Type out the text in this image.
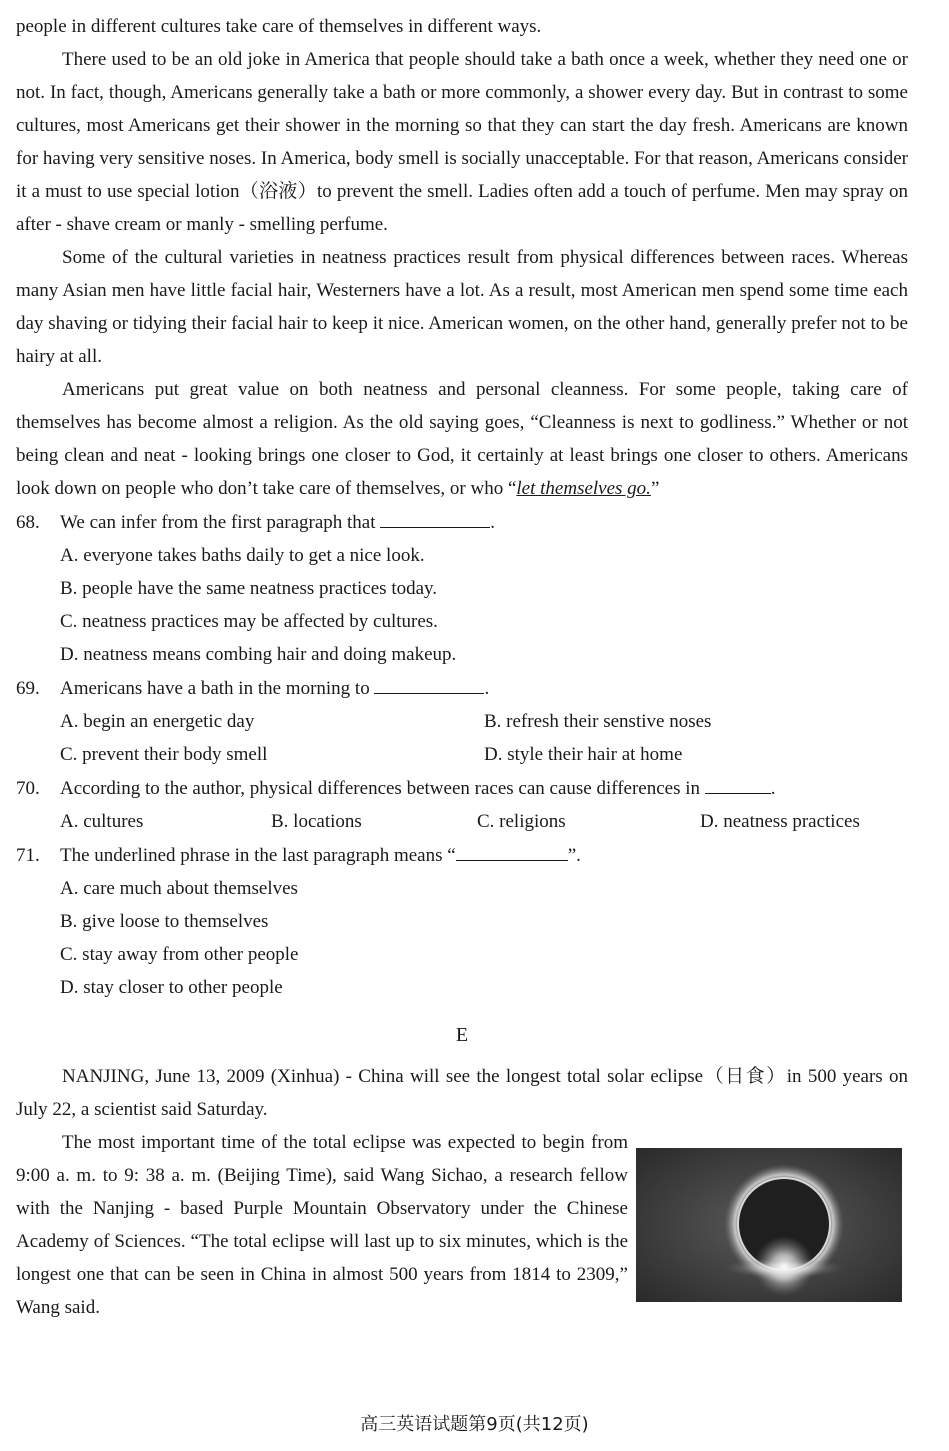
people in different cultures take care of themselves in different ways.

There used to be an old joke in America that people should take a bath once a week, whether they need one or not. In fact, though, Americans generally take a bath or more commonly, a shower every day. But in contrast to some cultures, most Americans get their shower in the morning so that they can start the day fresh. Americans are known for having very sensitive noses. In America, body smell is socially unacceptable. For that reason, Americans consider it a must to use special lotion（浴液）to prevent the smell. Ladies often add a touch of perfume. Men may spray on after - shave cream or manly - smelling perfume.

Some of the cultural varieties in neatness practices result from physical differences between races. Whereas many Asian men have little facial hair, Westerners have a lot. As a result, most American men spend some time each day shaving or tidying their facial hair to keep it nice. American women, on the other hand, generally prefer not to be hairy at all.

Americans put great value on both neatness and personal cleanness. For some people, taking care of themselves has become almost a religion. As the old saying goes, “Cleanness is next to godliness.” Whether or not being clean and neat - looking brings one closer to God, it certainly at least brings one closer to others. Americans look down on people who don’t take care of themselves, or who “let themselves go.”

68. We can infer from the first paragraph that	.
A. everyone takes baths daily to get a nice look.
B. people have the same neatness practices today.
C. neatness practices may be affected by cultures.
D. neatness means combing hair and doing makeup.
69. Americans have a bath in the morning to	.
A. begin an energetic day	B. refresh their senstive noses
C. prevent their body smell	D. style their hair at home
70. According to the author, physical differences between races can cause differences in	.
A. cultures	B. locations	C. religions	D. neatness practices
71. The underlined phrase in the last paragraph means “	”.
A. care much about themselves
B. give loose to themselves
C. stay away from other people
D. stay closer to other people
E

NANJING, June 13, 2009 (Xinhua) - China will see the longest total solar eclipse（日食）in 500 years on July 22, a scientist said Saturday.

The most important time of the total eclipse was expected to begin from 9:00 a. m. to 9: 38 a. m. (Beijing Time), said Wang Sichao, a research fellow with the Nanjing - based Purple Mountain Observatory under the Chinese Academy of Sciences. “The total eclipse will last up to six minutes, which is the longest one that can be seen in China in almost 500 years from 1814 to 2309,” Wang said.

高三英语试题第9页(共12页)
